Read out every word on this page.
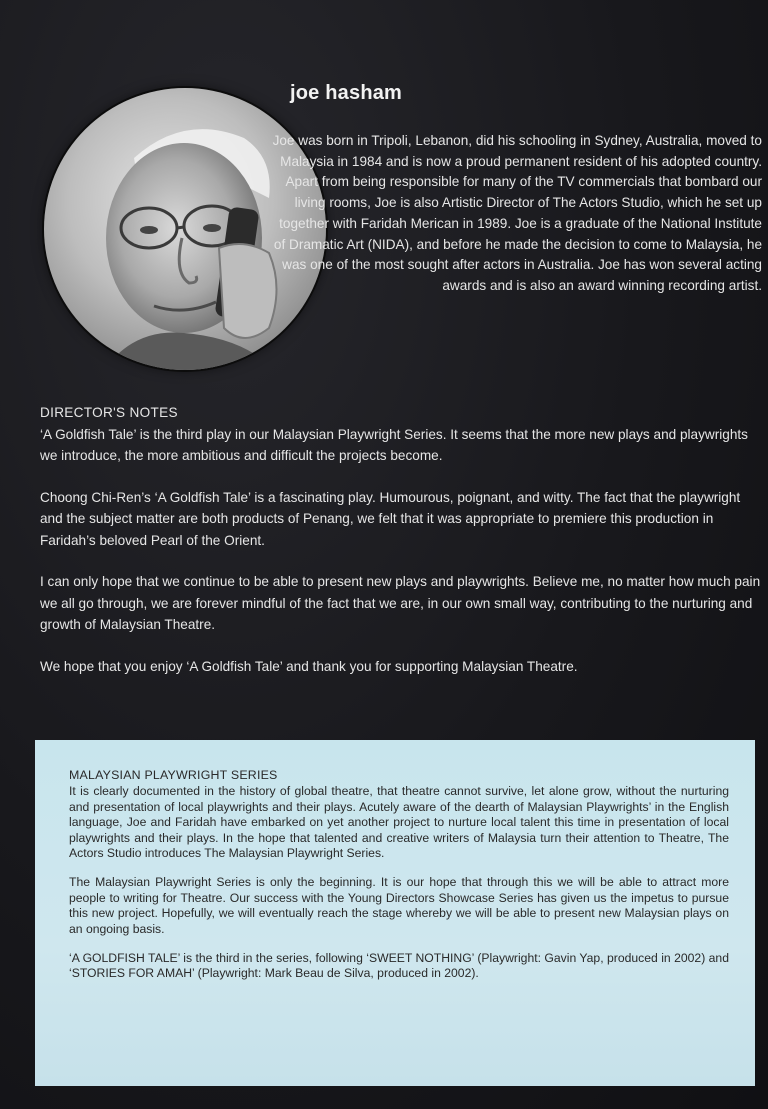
joe hasham
Joe was born in Tripoli, Lebanon, did his schooling in Sydney, Australia, moved to Malaysia in 1984 and is now a proud permanent resident of his adopted country. Apart from being responsible for many of the TV commercials that bombard our living rooms, Joe is also Artistic Director of The Actors Studio, which he set up together with Faridah Merican in 1989. Joe is a graduate of the National Institute of Dramatic Art (NIDA), and before he made the decision to come to Malaysia, he was one of the most sought after actors in Australia. Joe has won several acting awards and is also an award winning recording artist.
DIRECTOR'S NOTES

‘A Goldfish Tale’ is the third play in our Malaysian Playwright Series. It seems that the more new plays and playwrights we introduce, the more ambitious and difficult the projects become.

Choong Chi-Ren’s ‘A Goldfish Tale’ is a fascinating play. Humourous, poignant, and witty. The fact that the playwright and the subject matter are both products of Penang, we felt that it was appropriate to premiere this production in Faridah’s beloved Pearl of the Orient.

I can only hope that we continue to be able to present new plays and playwrights. Believe me, no matter how much pain we all go through, we are forever mindful of the fact that we are, in our own small way, contributing to the nurturing and growth of Malaysian Theatre.

We hope that you enjoy ‘A Goldfish Tale’ and thank you for supporting Malaysian Theatre.

MALAYSIAN PLAYWRIGHT SERIES

It is clearly documented in the history of global theatre, that theatre cannot survive, let alone grow, without the nurturing and presentation of local playwrights and their plays. Acutely aware of the dearth of Malaysian Playwrights’ in the English language, Joe and Faridah have embarked on yet another project to nurture local talent this time in presentation of local playwrights and their plays. In the hope that talented and creative writers of Malaysia turn their attention to Theatre, The Actors Studio introduces The Malaysian Playwright Series.

The Malaysian Playwright Series is only the beginning. It is our hope that through this we will be able to attract more people to writing for Theatre. Our success with the Young Directors Showcase Series has given us the impetus to pursue this new project. Hopefully, we will eventually reach the stage whereby we will be able to present new Malaysian plays on an ongoing basis.

‘A GOLDFISH TALE’ is the third in the series, following ‘SWEET NOTHING’ (Playwright: Gavin Yap, produced in 2002) and ‘STORIES FOR AMAH’ (Playwright: Mark Beau de Silva, produced in 2002).
